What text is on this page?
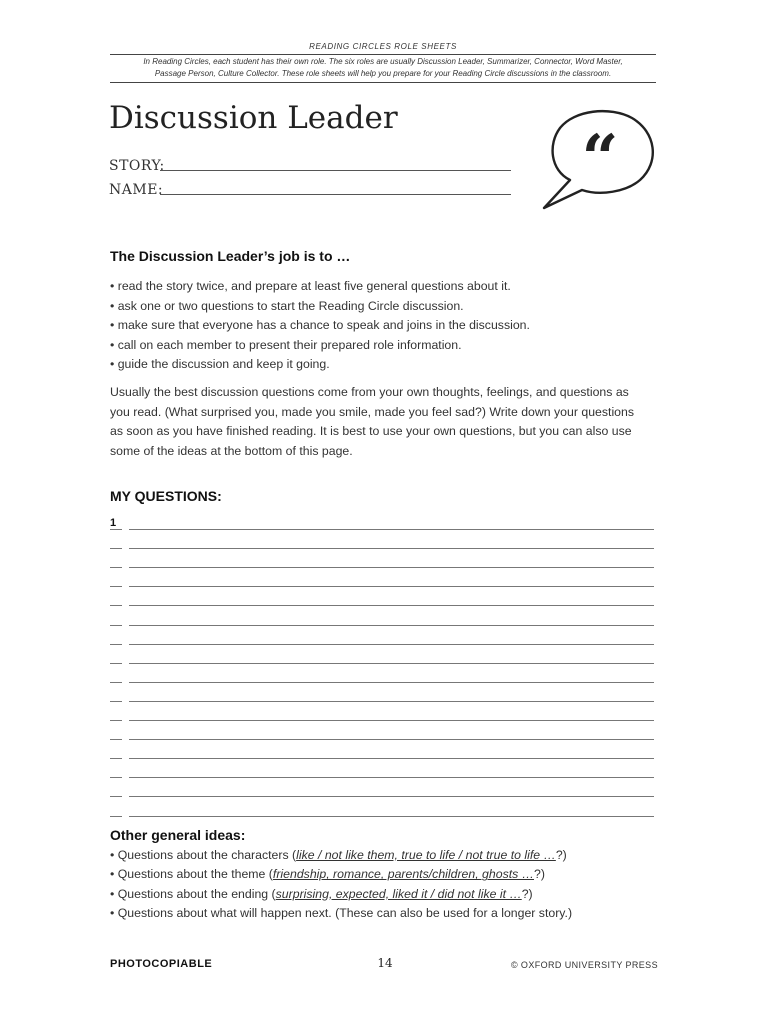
READING CIRCLES ROLE SHEETS
In Reading Circles, each student has their own role. The six roles are usually Discussion Leader, Summarizer, Connector, Word Master,
Passage Person, Culture Collector. These role sheets will help you prepare for your Reading Circle discussions in the classroom.
Discussion Leader
STORY:
NAME:	“
The Discussion Leader’s job is to …
• read the story twice, and prepare at least five general questions about it.
• ask one or two questions to start the Reading Circle discussion.
• make sure that everyone has a chance to speak and joins in the discussion.
• call on each member to present their prepared role information.
• guide the discussion and keep it going.
Usually the best discussion questions come from your own thoughts, feelings, and questions as
you read. (What surprised you, made you smile, made you feel sad?) Write down your questions
as soon as you have finished reading. It is best to use your own questions, but you can also use
some of the ideas at the bottom of this page.
MY QUESTIONS:
1
Other general ideas:
• Questions about the characters (like / not like them, true to life / not true to life …?)
• Questions about the theme (friendship, romance, parents/children, ghosts …?)
• Questions about the ending (surprising, expected, liked it / did not like it …?)
• Questions about what will happen next. (These can also be used for a longer story.)
PHOTOCOPIABLE	14	© OXFORD UNIVERSITY PRESS
